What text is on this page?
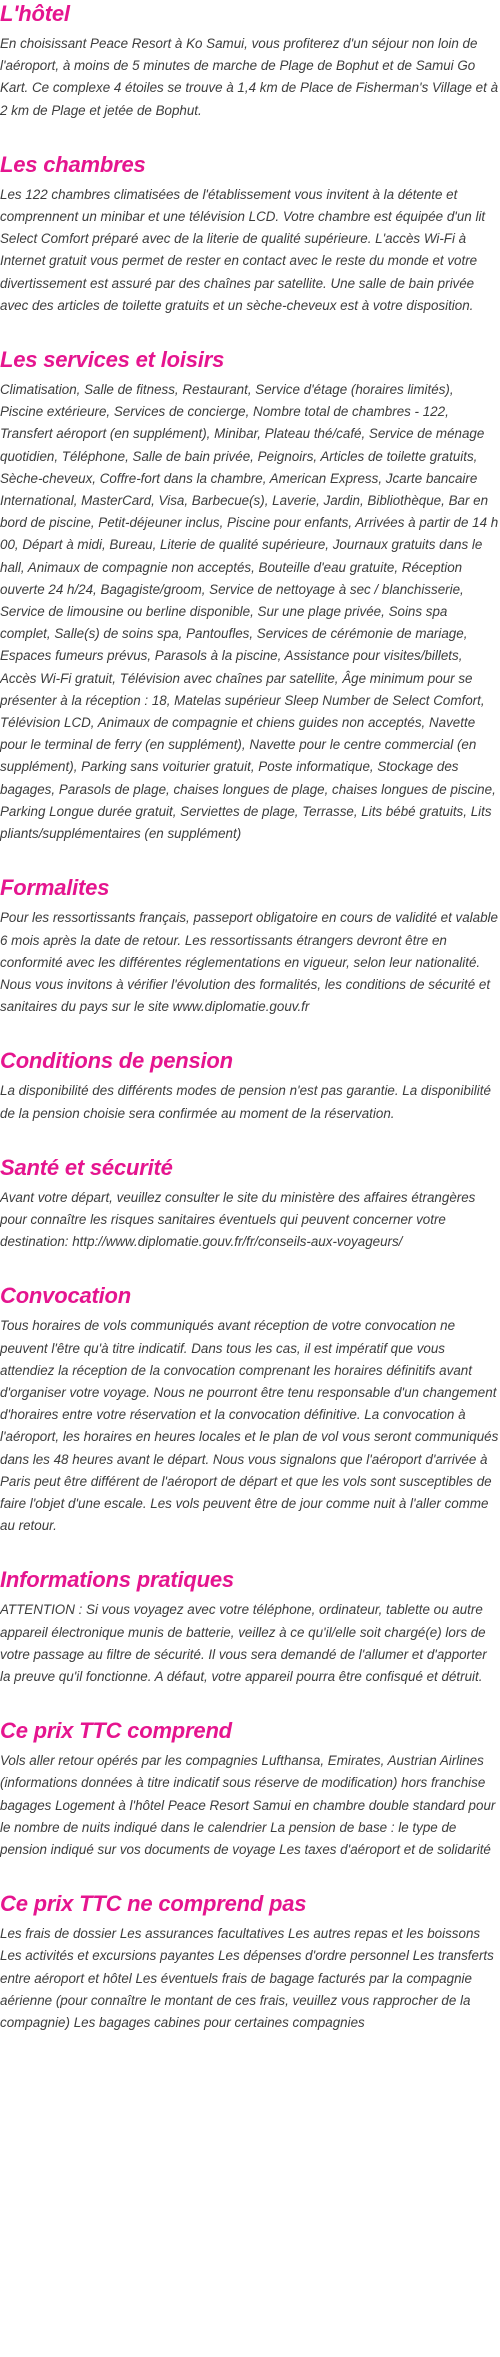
L'hôtel

En choisissant Peace Resort à Ko Samui, vous profiterez d'un séjour non loin de l'aéroport, à moins de 5 minutes de marche de Plage de Bophut et de Samui Go Kart. Ce complexe 4 étoiles se trouve à 1,4 km de Place de Fisherman's Village et à 2 km de Plage et jetée de Bophut.

Les chambres

Les 122 chambres climatisées de l'établissement vous invitent à la détente et comprennent un minibar et une télévision LCD. Votre chambre est équipée d'un lit Select Comfort préparé avec de la literie de qualité supérieure. L'accès Wi-Fi à Internet gratuit vous permet de rester en contact avec le reste du monde et votre divertissement est assuré par des chaînes par satellite. Une salle de bain privée avec des articles de toilette gratuits et un sèche-cheveux est à votre disposition.

Les services et loisirs

Climatisation, Salle de fitness, Restaurant, Service d'étage (horaires limités), Piscine extérieure, Services de concierge, Nombre total de chambres - 122, Transfert aéroport (en supplément), Minibar, Plateau thé/café, Service de ménage quotidien, Téléphone, Salle de bain privée, Peignoirs, Articles de toilette gratuits, Sèche-cheveux, Coffre-fort dans la chambre, American Express, Jcarte bancaire International, MasterCard, Visa, Barbecue(s), Laverie, Jardin, Bibliothèque, Bar en bord de piscine, Petit-déjeuner inclus, Piscine pour enfants, Arrivées à partir de 14 h 00, Départ à midi, Bureau, Literie de qualité supérieure, Journaux gratuits dans le hall, Animaux de compagnie non acceptés, Bouteille d'eau gratuite, Réception ouverte 24 h/24, Bagagiste/groom, Service de nettoyage à sec / blanchisserie, Service de limousine ou berline disponible, Sur une plage privée, Soins spa complet, Salle(s) de soins spa, Pantoufles, Services de cérémonie de mariage, Espaces fumeurs prévus, Parasols à la piscine, Assistance pour visites/billets, Accès Wi-Fi gratuit, Télévision avec chaînes par satellite, Âge minimum pour se présenter à la réception : 18, Matelas supérieur Sleep Number de Select Comfort, Télévision LCD, Animaux de compagnie et chiens guides non acceptés, Navette pour le terminal de ferry (en supplément), Navette pour le centre commercial (en supplément), Parking sans voiturier gratuit, Poste informatique, Stockage des bagages, Parasols de plage, chaises longues de plage, chaises longues de piscine, Parking Longue durée gratuit, Serviettes de plage, Terrasse, Lits bébé gratuits, Lits pliants/supplémentaires (en supplément)

Formalites

Pour les ressortissants français, passeport obligatoire en cours de validité et valable 6 mois après la date de retour. Les ressortissants étrangers devront être en conformité avec les différentes réglementations en vigueur, selon leur nationalité. Nous vous invitons à vérifier l'évolution des formalités, les conditions de sécurité et sanitaires du pays sur le site www.diplomatie.gouv.fr

Conditions de pension

La disponibilité des différents modes de pension n'est pas garantie. La disponibilité de la pension choisie sera confirmée au moment de la réservation.

Santé et sécurité

Avant votre départ, veuillez consulter le site du ministère des affaires étrangères pour connaître les risques sanitaires éventuels qui peuvent concerner votre destination: http://www.diplomatie.gouv.fr/fr/conseils-aux-voyageurs/

Convocation

Tous horaires de vols communiqués avant réception de votre convocation ne peuvent l'être qu'à titre indicatif. Dans tous les cas, il est impératif que vous attendiez la réception de la convocation comprenant les horaires définitifs avant d'organiser votre voyage. Nous ne pourront être tenu responsable d'un changement d'horaires entre votre réservation et la convocation définitive. La convocation à l'aéroport, les horaires en heures locales et le plan de vol vous seront communiqués dans les 48 heures avant le départ. Nous vous signalons que l'aéroport d'arrivée à Paris peut être différent de l'aéroport de départ et que les vols sont susceptibles de faire l'objet d'une escale. Les vols peuvent être de jour comme nuit à l'aller comme au retour.

Informations pratiques

ATTENTION : Si vous voyagez avec votre téléphone, ordinateur, tablette ou autre appareil électronique munis de batterie, veillez à ce qu'il/elle soit chargé(e) lors de votre passage au filtre de sécurité. Il vous sera demandé de l'allumer et d'apporter la preuve qu'il fonctionne. A défaut, votre appareil pourra être confisqué et détruit.

Ce prix TTC comprend

Vols aller retour opérés par les compagnies Lufthansa, Emirates, Austrian Airlines (informations données à titre indicatif sous réserve de modification) hors franchise bagages Logement à l'hôtel Peace Resort Samui en chambre double standard pour le nombre de nuits indiqué dans le calendrier La pension de base : le type de pension indiqué sur vos documents de voyage Les taxes d'aéroport et de solidarité

Ce prix TTC ne comprend pas

Les frais de dossier Les assurances facultatives Les autres repas et les boissons Les activités et excursions payantes Les dépenses d'ordre personnel Les transferts entre aéroport et hôtel Les éventuels frais de bagage facturés par la compagnie aérienne (pour connaître le montant de ces frais, veuillez vous rapprocher de la compagnie) Les bagages cabines pour certaines compagnies
